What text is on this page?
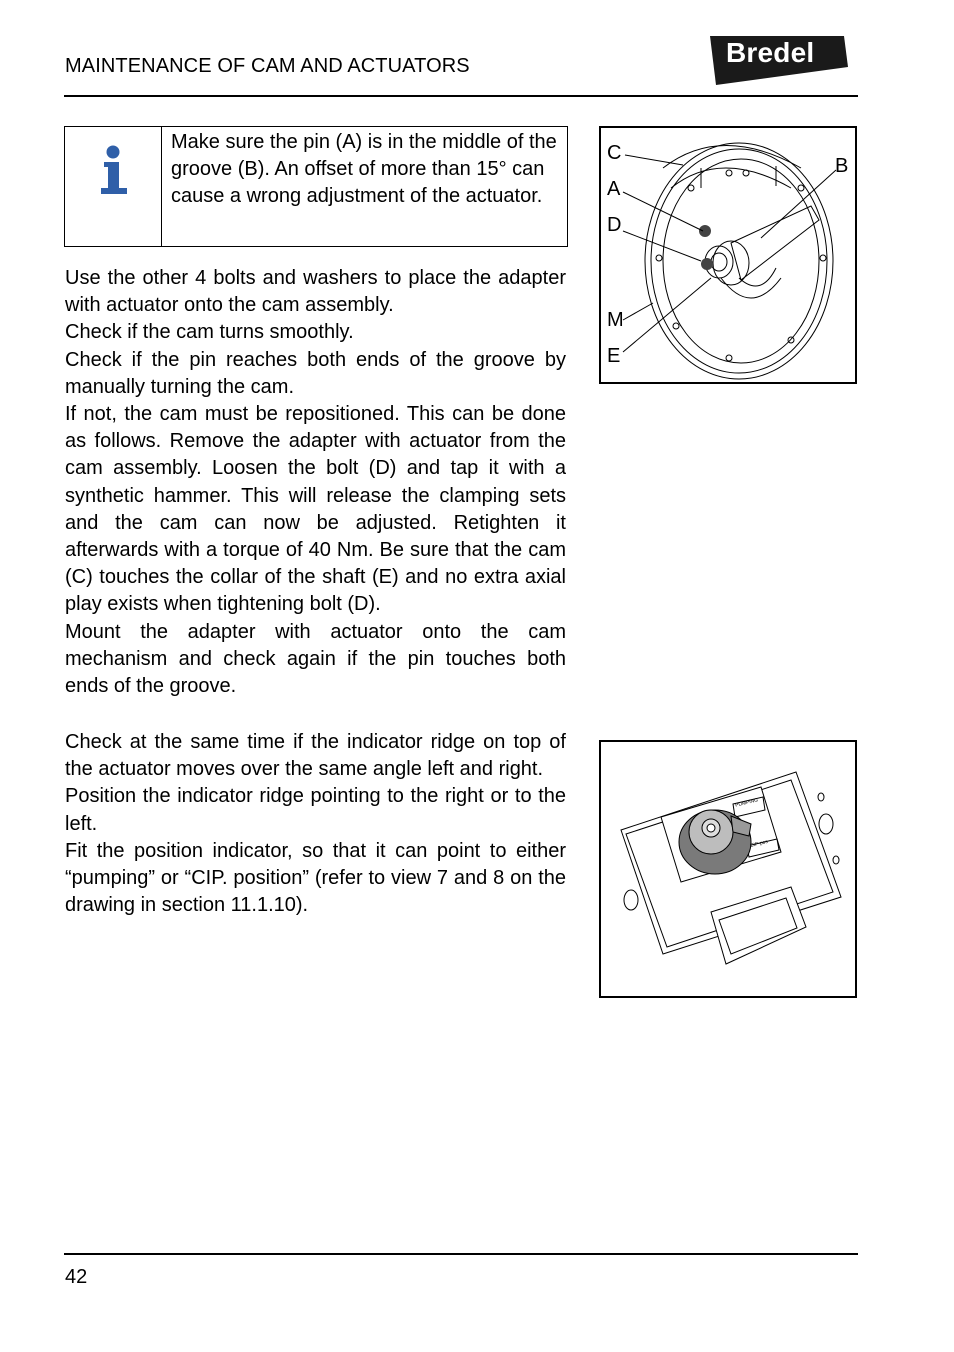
MAINTENANCE OF CAM AND ACTUATORS	Bredel
Make sure the pin (A) is in the middle of the groove (B). An offset of more than 15° can cause a wrong adjustment of the actuator.

Use the other 4 bolts and washers to place the adapter with actuator onto the cam assembly.

Check if the cam turns smoothly.

Check if the pin reaches both ends of the groove by manually turning the cam.

If not, the cam must be repositioned. This can be done as follows. Remove the adapter with actuator from the cam assembly. Loosen the bolt (D) and tap it with a synthetic hammer. This will release the clamping sets and the cam can now be adjusted. Retighten it afterwards with a torque of 40 Nm. Be sure that the cam (C) touches the collar of the shaft (E) and no extra axial play exists when tightening bolt (D).

Mount the adapter with actuator onto the cam mechanism and check again if the pin touches both ends of the groove.

Check at the same time if the indicator ridge on top of the actuator moves over the same angle left and right.

Position the indicator ridge pointing to the right or to the left.

Fit the position indicator, so that it can point to either “pumping” or “CIP. position” (refer to view 7 and 8 on the drawing in section 11.1.10).

C
A
D
M
E
B
PUMPING
CIP-pos
42
